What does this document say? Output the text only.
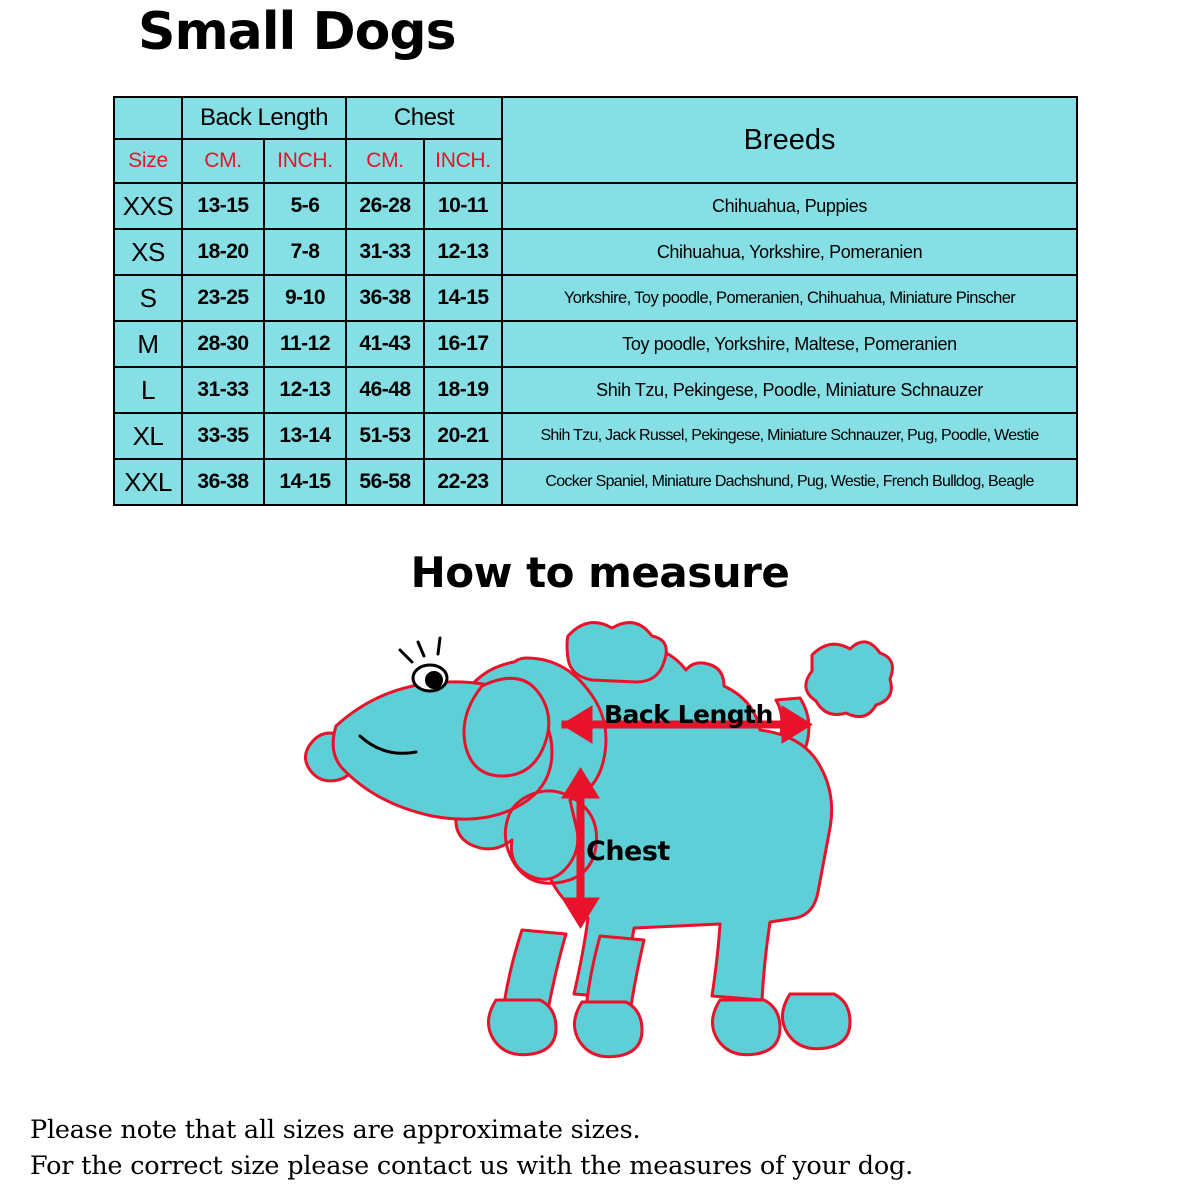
Small Dogs
	Back Length		Chest		Breeds
Size	CM.	INCH.	CM.	INCH.	
XXS	13-15	5-6	26-28	10-11	Chihuahua, Puppies
XS	18-20	7-8	31-33	12-13	Chihuahua, Yorkshire, Pomeranien
S	23-25	9-10	36-38	14-15	Yorkshire, Toy poodle, Pomeranien, Chihuahua, Miniature Pinscher
M	28-30	11-12	41-43	16-17	Toy poodle, Yorkshire, Maltese, Pomeranien
L	31-33	12-13	46-48	18-19	Shih Tzu, Pekingese, Poodle, Miniature Schnauzer
XL	33-35	13-14	51-53	20-21	Shih Tzu, Jack Russel, Pekingese, Miniature Schnauzer, Pug, Poodle, Westie
XXL	36-38	14-15	56-58	22-23	Cocker Spaniel, Miniature Dachshund, Pug, Westie, French Bulldog, Beagle
How to measure
Back Length
Chest
Please note that all sizes are approximate sizes.
For the correct size please contact us with the measures of your dog.
